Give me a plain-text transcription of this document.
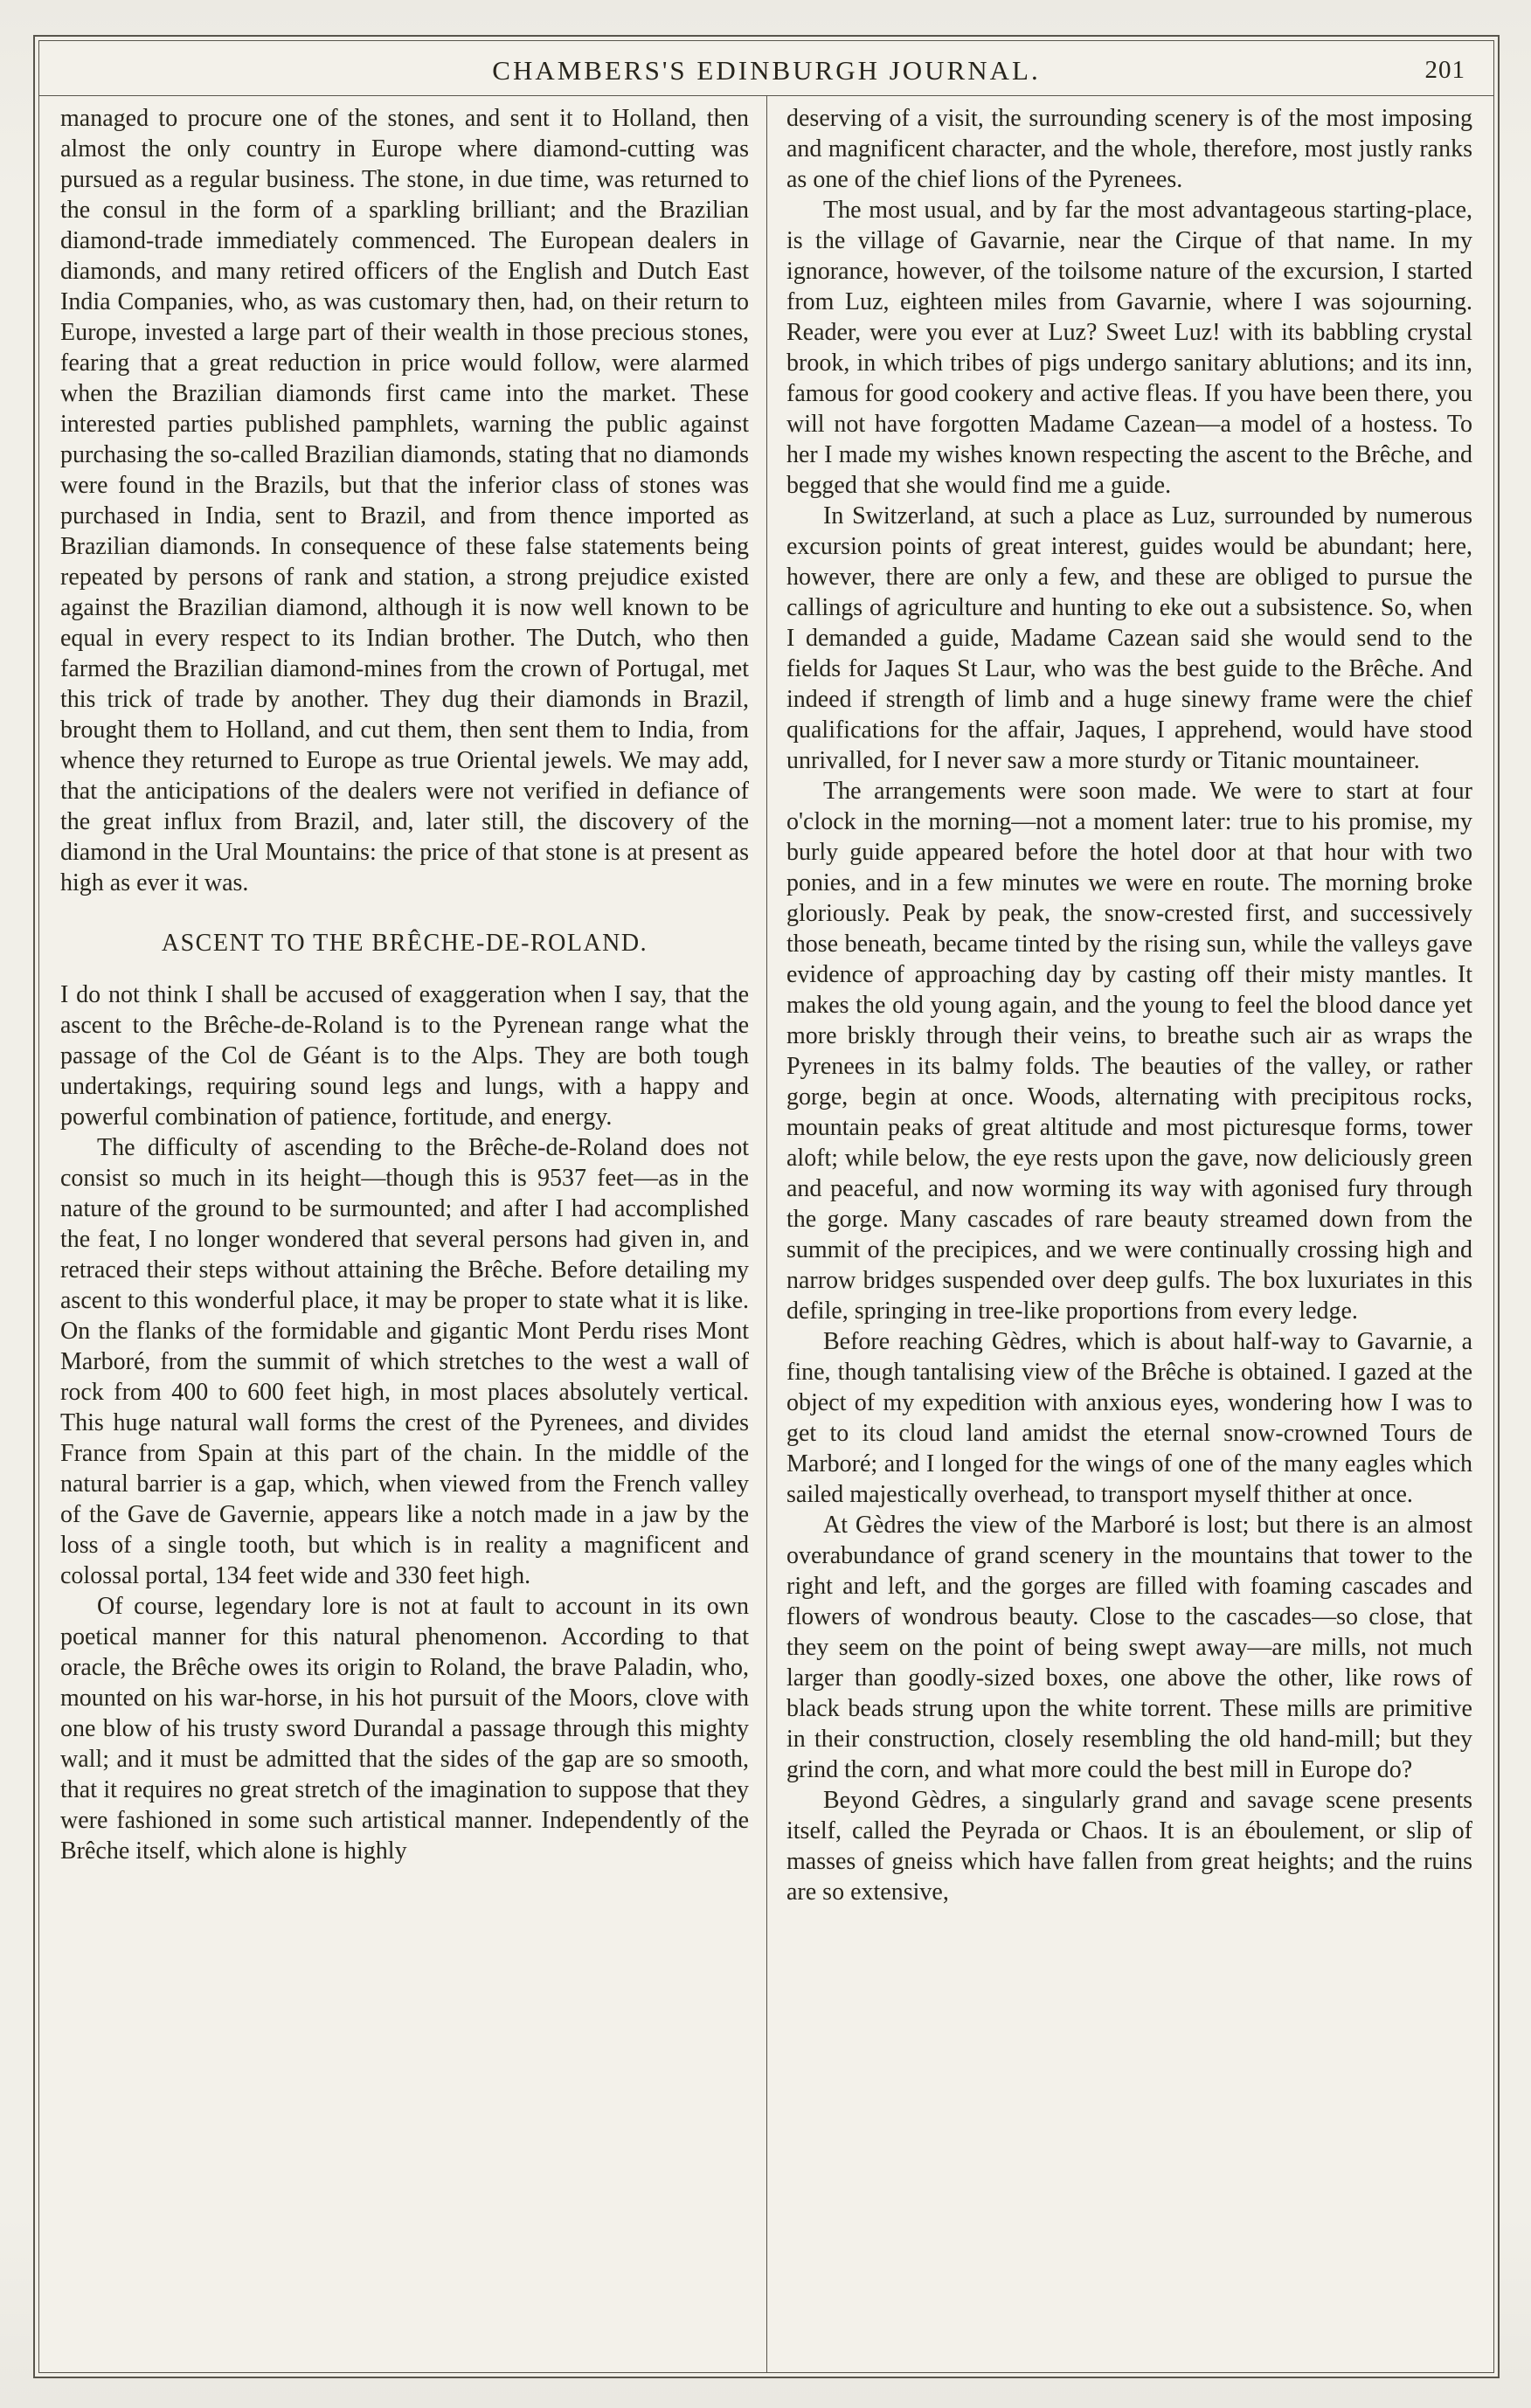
CHAMBERS'S EDINBURGH JOURNAL.	201

managed to procure one of the stones, and sent it to Holland, then almost the only country in Europe where diamond-cutting was pursued as a regular business. The stone, in due time, was returned to the consul in the form of a sparkling brilliant; and the Brazilian diamond-trade immediately commenced. The European dealers in diamonds, and many retired officers of the English and Dutch East India Companies, who, as was customary then, had, on their return to Europe, invested a large part of their wealth in those precious stones, fearing that a great reduction in price would follow, were alarmed when the Brazilian diamonds first came into the market. These interested parties published pamphlets, warning the public against purchasing the so-called Brazilian diamonds, stating that no diamonds were found in the Brazils, but that the inferior class of stones was purchased in India, sent to Brazil, and from thence imported as Brazilian diamonds. In consequence of these false statements being repeated by persons of rank and station, a strong prejudice existed against the Brazilian diamond, although it is now well known to be equal in every respect to its Indian brother. The Dutch, who then farmed the Brazilian diamond-mines from the crown of Portugal, met this trick of trade by another. They dug their diamonds in Brazil, brought them to Holland, and cut them, then sent them to India, from whence they returned to Europe as true Oriental jewels. We may add, that the anticipations of the dealers were not verified in defiance of the great influx from Brazil, and, later still, the discovery of the diamond in the Ural Mountains: the price of that stone is at present as high as ever it was.

ASCENT TO THE BRÊCHE-DE-ROLAND.

I do not think I shall be accused of exaggeration when I say, that the ascent to the Brêche-de-Roland is to the Pyrenean range what the passage of the Col de Géant is to the Alps. They are both tough undertakings, requiring sound legs and lungs, with a happy and powerful combination of patience, fortitude, and energy.

The difficulty of ascending to the Brêche-de-Roland does not consist so much in its height—though this is 9537 feet—as in the nature of the ground to be surmounted; and after I had accomplished the feat, I no longer wondered that several persons had given in, and retraced their steps without attaining the Brêche. Before detailing my ascent to this wonderful place, it may be proper to state what it is like. On the flanks of the formidable and gigantic Mont Perdu rises Mont Marboré, from the summit of which stretches to the west a wall of rock from 400 to 600 feet high, in most places absolutely vertical. This huge natural wall forms the crest of the Pyrenees, and divides France from Spain at this part of the chain. In the middle of the natural barrier is a gap, which, when viewed from the French valley of the Gave de Gavernie, appears like a notch made in a jaw by the loss of a single tooth, but which is in reality a magnificent and colossal portal, 134 feet wide and 330 feet high.

Of course, legendary lore is not at fault to account in its own poetical manner for this natural phenomenon. According to that oracle, the Brêche owes its origin to Roland, the brave Paladin, who, mounted on his war-horse, in his hot pursuit of the Moors, clove with one blow of his trusty sword Durandal a passage through this mighty wall; and it must be admitted that the sides of the gap are so smooth, that it requires no great stretch of the imagination to suppose that they were fashioned in some such artistical manner. Independently of the Brêche itself, which alone is highly

deserving of a visit, the surrounding scenery is of the most imposing and magnificent character, and the whole, therefore, most justly ranks as one of the chief lions of the Pyrenees.

The most usual, and by far the most advantageous starting-place, is the village of Gavarnie, near the Cirque of that name. In my ignorance, however, of the toilsome nature of the excursion, I started from Luz, eighteen miles from Gavarnie, where I was sojourning. Reader, were you ever at Luz? Sweet Luz! with its babbling crystal brook, in which tribes of pigs undergo sanitary ablutions; and its inn, famous for good cookery and active fleas. If you have been there, you will not have forgotten Madame Cazean—a model of a hostess. To her I made my wishes known respecting the ascent to the Brêche, and begged that she would find me a guide.

In Switzerland, at such a place as Luz, surrounded by numerous excursion points of great interest, guides would be abundant; here, however, there are only a few, and these are obliged to pursue the callings of agriculture and hunting to eke out a subsistence. So, when I demanded a guide, Madame Cazean said she would send to the fields for Jaques St Laur, who was the best guide to the Brêche. And indeed if strength of limb and a huge sinewy frame were the chief qualifications for the affair, Jaques, I apprehend, would have stood unrivalled, for I never saw a more sturdy or Titanic mountaineer.

The arrangements were soon made. We were to start at four o'clock in the morning—not a moment later: true to his promise, my burly guide appeared before the hotel door at that hour with two ponies, and in a few minutes we were en route. The morning broke gloriously. Peak by peak, the snow-crested first, and successively those beneath, became tinted by the rising sun, while the valleys gave evidence of approaching day by casting off their misty mantles. It makes the old young again, and the young to feel the blood dance yet more briskly through their veins, to breathe such air as wraps the Pyrenees in its balmy folds. The beauties of the valley, or rather gorge, begin at once. Woods, alternating with precipitous rocks, mountain peaks of great altitude and most picturesque forms, tower aloft; while below, the eye rests upon the gave, now deliciously green and peaceful, and now worming its way with agonised fury through the gorge. Many cascades of rare beauty streamed down from the summit of the precipices, and we were continually crossing high and narrow bridges suspended over deep gulfs. The box luxuriates in this defile, springing in tree-like proportions from every ledge.

Before reaching Gèdres, which is about half-way to Gavarnie, a fine, though tantalising view of the Brêche is obtained. I gazed at the object of my expedition with anxious eyes, wondering how I was to get to its cloud land amidst the eternal snow-crowned Tours de Marboré; and I longed for the wings of one of the many eagles which sailed majestically overhead, to transport myself thither at once.

At Gèdres the view of the Marboré is lost; but there is an almost overabundance of grand scenery in the mountains that tower to the right and left, and the gorges are filled with foaming cascades and flowers of wondrous beauty. Close to the cascades—so close, that they seem on the point of being swept away—are mills, not much larger than goodly-sized boxes, one above the other, like rows of black beads strung upon the white torrent. These mills are primitive in their construction, closely resembling the old hand-mill; but they grind the corn, and what more could the best mill in Europe do?

Beyond Gèdres, a singularly grand and savage scene presents itself, called the Peyrada or Chaos. It is an éboulement, or slip of masses of gneiss which have fallen from great heights; and the ruins are so extensive,
